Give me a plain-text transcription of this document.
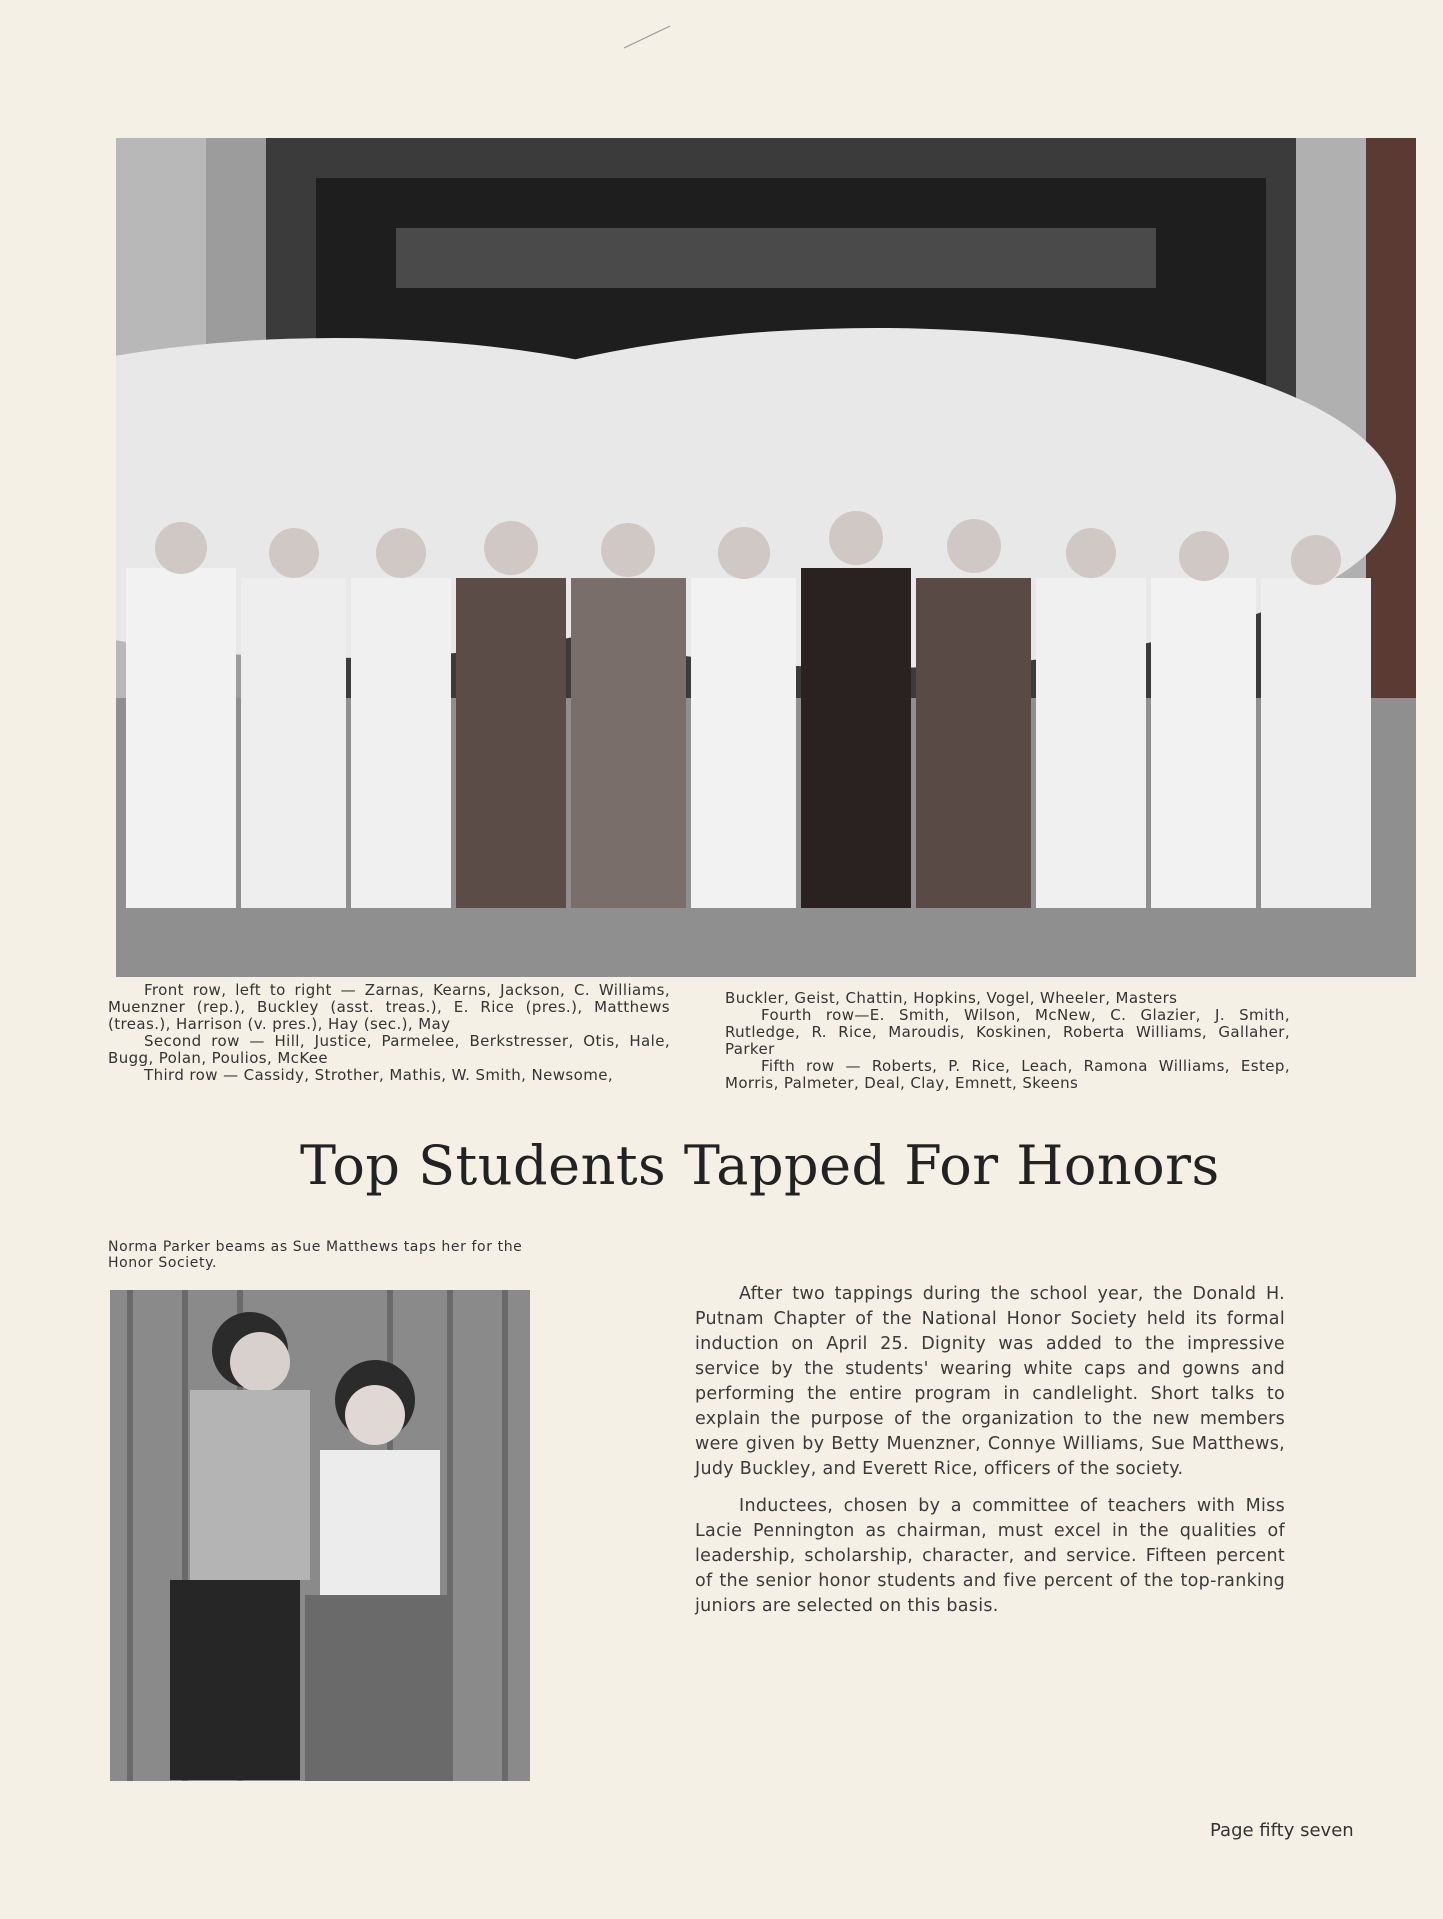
Front row, left to right — Zarnas, Kearns, Jackson, C. Williams, Muenzner (rep.), Buckley (asst. treas.), E. Rice (pres.), Matthews (treas.), Harrison (v. pres.), Hay (sec.), May

Second row — Hill, Justice, Parmelee, Berkstresser, Otis, Hale, Bugg, Polan, Poulios, McKee

Third row — Cassidy, Strother, Mathis, W. Smith, Newsome,

Buckler, Geist, Chattin, Hopkins, Vogel, Wheeler, Masters

Fourth row—E. Smith, Wilson, McNew, C. Glazier, J. Smith, Rutledge, R. Rice, Maroudis, Koskinen, Roberta Williams, Gallaher, Parker

Fifth row — Roberts, P. Rice, Leach, Ramona Williams, Estep, Morris, Palmeter, Deal, Clay, Emnett, Skeens

Top Students Tapped For Honors
Norma Parker beams as Sue Matthews taps her for the Honor Society.

After two tappings during the school year, the Donald H. Putnam Chapter of the National Honor Society held its formal induction on April 25. Dignity was added to the impressive service by the students' wearing white caps and gowns and performing the entire program in candlelight. Short talks to explain the purpose of the organization to the new members were given by Betty Muenzner, Connye Williams, Sue Matthews, Judy Buckley, and Everett Rice, officers of the society.

Inductees, chosen by a committee of teachers with Miss Lacie Pennington as chairman, must excel in the qualities of leadership, scholarship, character, and service. Fifteen percent of the senior honor students and five percent of the top-ranking juniors are selected on this basis.

Page fifty seven
